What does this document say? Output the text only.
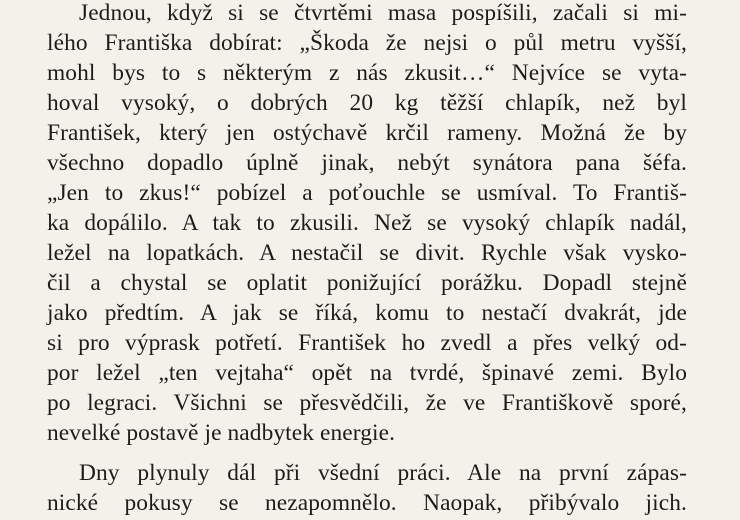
Jednou, když si se čtvrtěmi masa pospíšili, začali si mi-
lého Františka dobírat: „Škoda že nejsi o půl metru vyšší,
mohl bys to s některým z nás zkusit…“ Nejvíce se vyta-
hoval vysoký, o dobrých 20 kg těžší chlapík, než byl
František, který jen ostýchavě krčil rameny. Možná že by
všechno dopadlo úplně jinak, nebýt synátora pana šéfa.
„Jen to zkus!“ pobízel a poťouchle se usmíval. To Františ-
ka dopálilo. A tak to zkusili. Než se vysoký chlapík nadál,
ležel na lopatkách. A nestačil se divit. Rychle však vysko-
čil a chystal se oplatit ponižující porážku. Dopadl stejně
jako předtím. A jak se říká, komu to nestačí dvakrát, jde
si pro výprask potřetí. František ho zvedl a přes velký od-
por ležel „ten vejtaha“ opět na tvrdé, špinavé zemi. Bylo
po legraci. Všichni se přesvědčili, že ve Františkově sporé,
nevelké postavě je nadbytek energie.
Dny plynuly dál při všední práci. Ale na první zápas-
nické pokusy se nezapomnělo. Naopak, přibývalo jich.
